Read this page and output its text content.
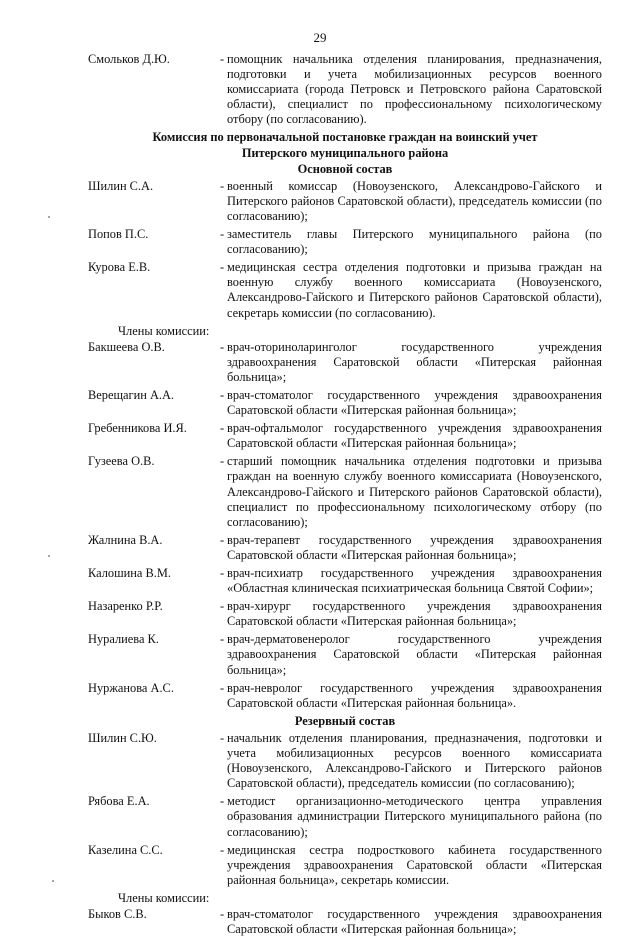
29
Смольков Д.Ю.	- помощник начальника отделения планирования, предназначения, подготовки и учета мобилизационных ресурсов военного комиссариата (города Петровск и Петровского района Саратовской области), специалист по профессиональному психологическому отбору (по согласованию).
Комиссия по первоначальной постановке граждан на воинский учет
Питерского муниципального района
Основной состав
Шилин С.А.	- военный комиссар (Новоузенского, Александрово-Гайского и Питерского районов Саратовской области), председатель комиссии (по согласованию);
Попов П.С.	- заместитель главы Питерского муниципального района (по согласованию);
Курова Е.В.	- медицинская сестра отделения подготовки и призыва граждан на военную службу военного комиссариата (Новоузенского, Александрово-Гайского и Питерского районов Саратовской области), секретарь комиссии (по согласованию).
Члены комиссии:
Бакшеева О.В.	- врач-оториноларинголог государственного учреждения здравоохранения Саратовской области «Питерская районная больница»;
Верещагин А.А.	- врач-стоматолог государственного учреждения здравоохранения Саратовской области «Питерская районная больница»;
Гребенникова И.Я.	- врач-офтальмолог государственного учреждения здравоохранения Саратовской области «Питерская районная больница»;
Гузеева О.В.	- старший помощник начальника отделения подготовки и призыва граждан на военную службу военного комиссариата (Новоузенского, Александрово-Гайского и Питерского районов Саратовской области), специалист по профессиональному психологическому отбору (по согласованию);
Жалнина В.А.	- врач-терапевт государственного учреждения здравоохранения Саратовской области «Питерская районная больница»;
Калошина В.М.	- врач-психиатр государственного учреждения здравоохранения «Областная клиническая психиатрическая больница Святой Софии»;
Назаренко Р.Р.	- врач-хирург государственного учреждения здравоохранения Саратовской области «Питерская районная больница»;
Нуралиева К.	- врач-дерматовенеролог государственного учреждения здравоохранения Саратовской области «Питерская районная больница»;
Нуржанова А.С.	- врач-невролог государственного учреждения здравоохранения Саратовской области «Питерская районная больница».
Резервный состав
Шилин С.Ю.	- начальник отделения планирования, предназначения, подготовки и учета мобилизационных ресурсов военного комиссариата (Новоузенского, Александрово-Гайского и Питерского районов Саратовской области), председатель комиссии (по согласованию);
Рябова Е.А.	- методист организационно-методического центра управления образования администрации Питерского муниципального района (по согласованию);
Казелина С.С.	- медицинская сестра подросткового кабинета государственного учреждения здравоохранения Саратовской области «Питерская районная больница», секретарь комиссии.
Члены комиссии:
Быков С.В.	- врач-стоматолог государственного учреждения здравоохранения Саратовской области «Питерская районная больница»;
